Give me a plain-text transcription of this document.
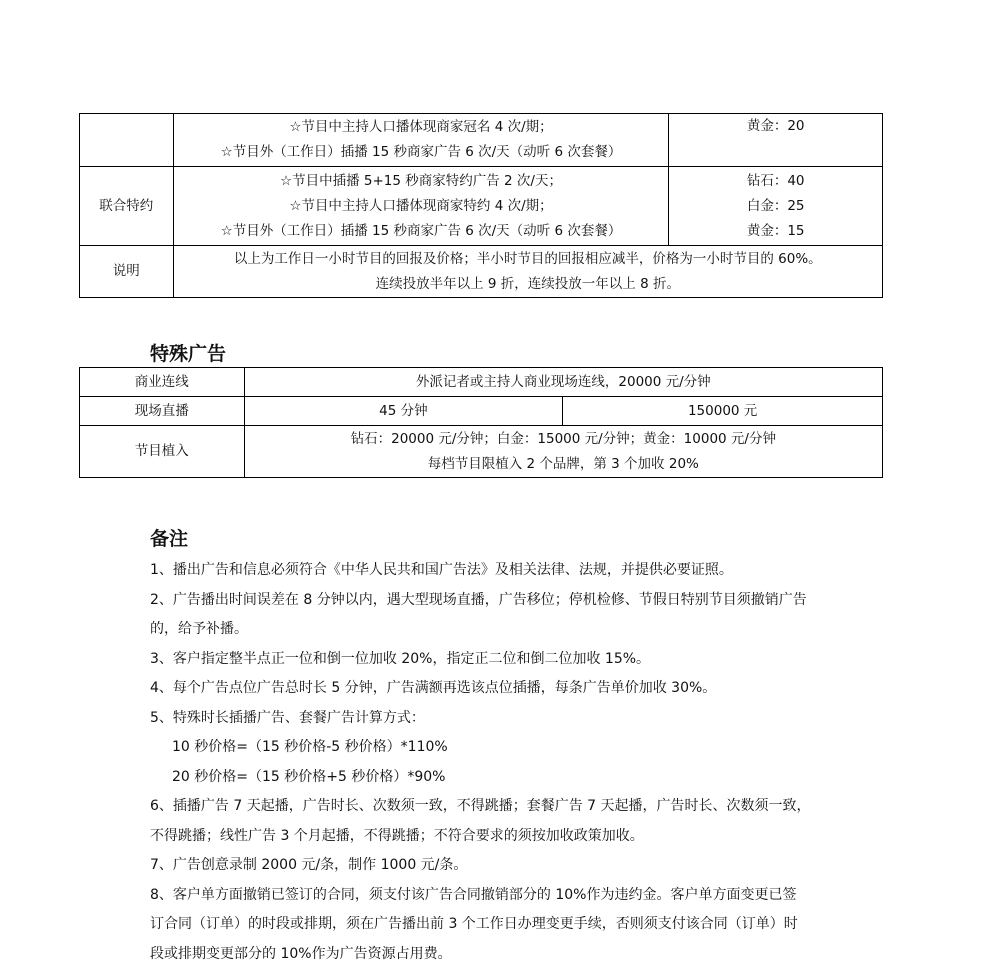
	☆节目中主持人口播体现商家冠名 4 次/期；
☆节目外（工作日）插播 15 秒商家广告 6 次/天（动听 6 次套餐）	黄金：20

联合特约	☆节目中插播 5+15 秒商家特约广告 2 次/天；
☆节目中主持人口播体现商家特约 4 次/期；
☆节目外（工作日）插播 15 秒商家广告 6 次/天（动听 6 次套餐）	钻石：40
白金：25
黄金：15

说明	以上为工作日一小时节目的回报及价格；半小时节目的回报相应减半，价格为一小时节目的 60%。
连续投放半年以上 9 折，连续投放一年以上 8 折。	
特殊广告
商业连线	外派记者或主持人商业现场连线，20000 元/分钟	
现场直播	45 分钟	150000 元
节目植入	钻石：20000 元/分钟；白金：15000 元/分钟；黄金：10000 元/分钟
每档节目限植入 2 个品牌，第 3 个加收 20%	
备注
1、播出广告和信息必须符合《中华人民共和国广告法》及相关法律、法规，并提供必要证照。
2、广告播出时间误差在 8 分钟以内，遇大型现场直播，广告移位；停机检修、节假日特别节目须撤销广告
的，给予补播。
3、客户指定整半点正一位和倒一位加收 20%，指定正二位和倒二位加收 15%。
4、每个广告点位广告总时长 5 分钟，广告满额再选该点位插播，每条广告单价加收 30%。
5、特殊时长插播广告、套餐广告计算方式：
10 秒价格=（15 秒价格-5 秒价格）*110%
20 秒价格=（15 秒价格+5 秒价格）*90%
6、插播广告 7 天起播，广告时长、次数须一致，不得跳播；套餐广告 7 天起播，广告时长、次数须一致，
不得跳播；线性广告 3 个月起播，不得跳播；不符合要求的须按加收政策加收。
7、广告创意录制 2000 元/条，制作 1000 元/条。
8、客户单方面撤销已签订的合同，须支付该广告合同撤销部分的 10%作为违约金。客户单方面变更已签
订合同（订单）的时段或排期，须在广告播出前 3 个工作日办理变更手续，否则须支付该合同（订单）时
段或排期变更部分的 10%作为广告资源占用费。
